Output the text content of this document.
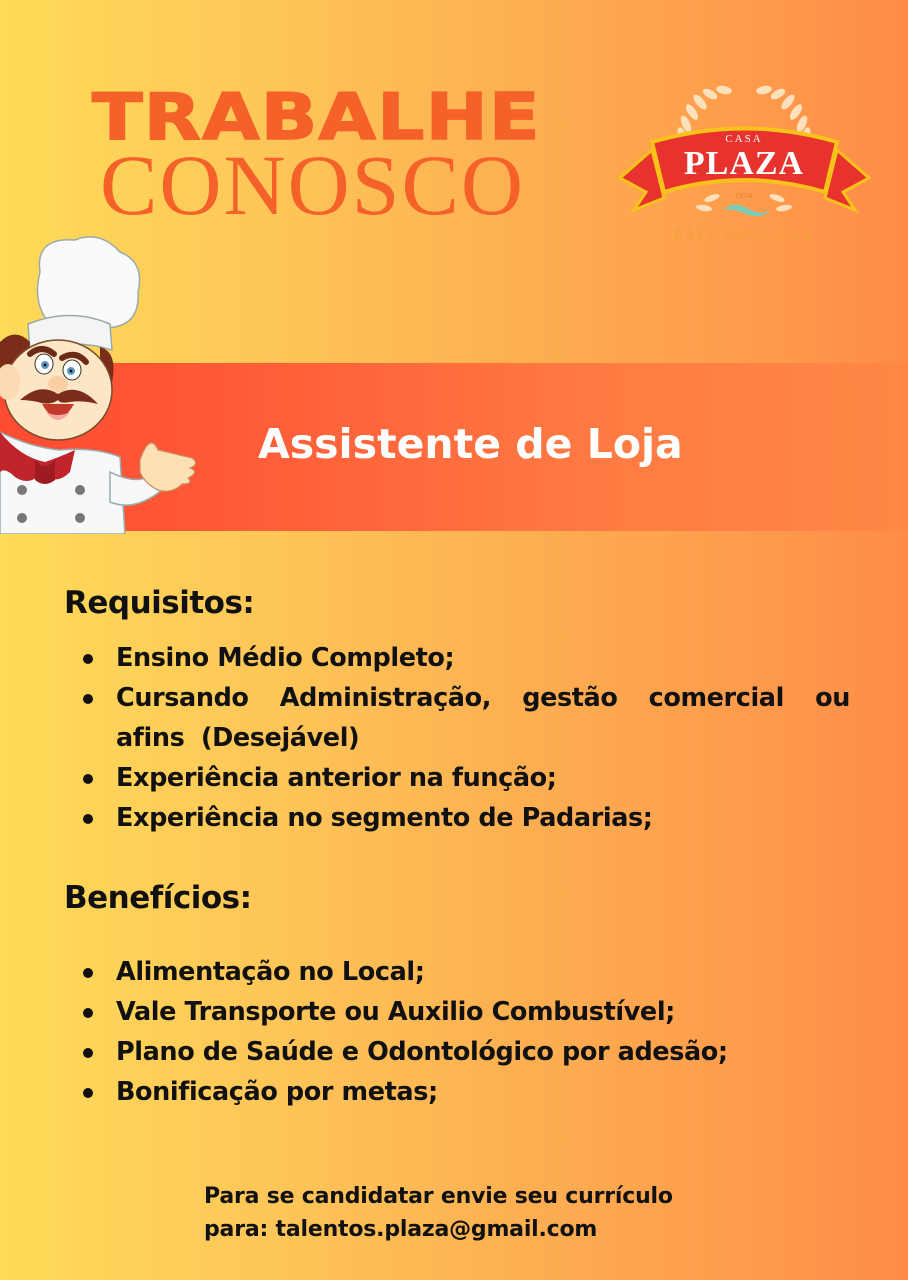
TRABALHE
CONOSCO	CASA
PLAZA
1958
PÃES ESPECIAIS
Assistente de Loja
Requisitos:
Ensino Médio Completo;
Cursando Administração, gestão comercial ou afins (Desejável)
Experiência anterior na função;
Experiência no segmento de Padarias;
Benefícios:
Alimentação no Local;
Vale Transporte ou Auxilio Combustível;
Plano de Saúde e Odontológico por adesão;
Bonificação por metas;
Para se candidatar envie seu currículo
para: talentos.plaza@gmail.com
